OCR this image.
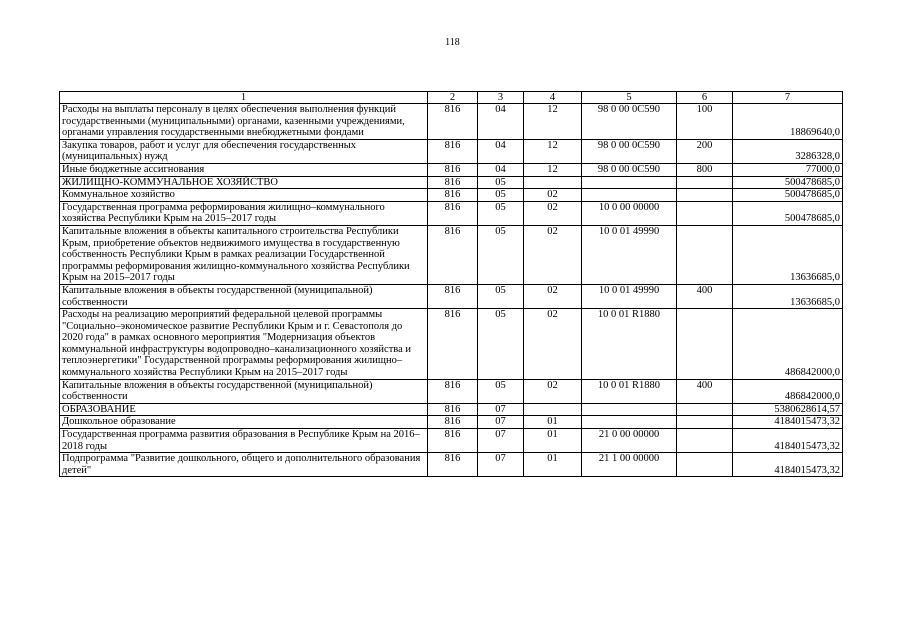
118
1	2	3	4	5	6	7
Расходы на выплаты персоналу в целях обеспечения выполнения функций государственными (муниципальными) органами, казенными учреждениями, органами управления государственными внебюджетными фондами	816	04	12	98 0 00 0С590	100	18869640,0
Закупка товаров, работ и услуг для обеспечения государственных (муниципальных) нужд	816	04	12	98 0 00 0С590	200	3286328,0
Иные бюджетные ассигнования	816	04	12	98 0 00 0С590	800	77000,0
ЖИЛИЩНО-КОММУНАЛЬНОЕ ХОЗЯЙСТВО	816	05				500478685,0
Коммунальное хозяйство	816	05	02			500478685,0
Государственная программа реформирования жилищно–коммунального хозяйства Республики Крым на 2015–2017 годы	816	05	02	10 0 00 00000		500478685,0
Капитальные вложения в объекты капитального строительства Республики Крым, приобретение объектов недвижимого имущества в государственную собственность Республики Крым в рамках реализации Государственной программы реформирования жилищно-коммунального хозяйства Республики Крым на 2015–2017 годы	816	05	02	10 0 01 49990		13636685,0
Капитальные вложения в объекты государственной (муниципальной) собственности	816	05	02	10 0 01 49990	400	13636685,0
Расходы на реализацию мероприятий федеральной целевой программы "Социально–экономическое развитие Республики Крым и г. Севастополя до 2020 года" в рамках основного мероприятия "Модернизация объектов коммунальной инфраструктуры водопроводно–канализационного хозяйства и теплоэнергетики" Государственной программы реформирования жилищно–коммунального хозяйства Республики Крым на 2015–2017 годы	816	05	02	10 0 01 R1880		486842000,0
Капитальные вложения в объекты государственной (муниципальной) собственности	816	05	02	10 0 01 R1880	400	486842000,0
ОБРАЗОВАНИЕ	816	07				5380628614,57
Дошкольное образование	816	07	01			4184015473,32
Государственная программа развития образования в Республике Крым на 2016–2018 годы	816	07	01	21 0 00 00000		4184015473,32
Подпрограмма "Развитие дошкольного, общего и дополнительного образования детей"	816	07	01	21 1 00 00000		4184015473,32
